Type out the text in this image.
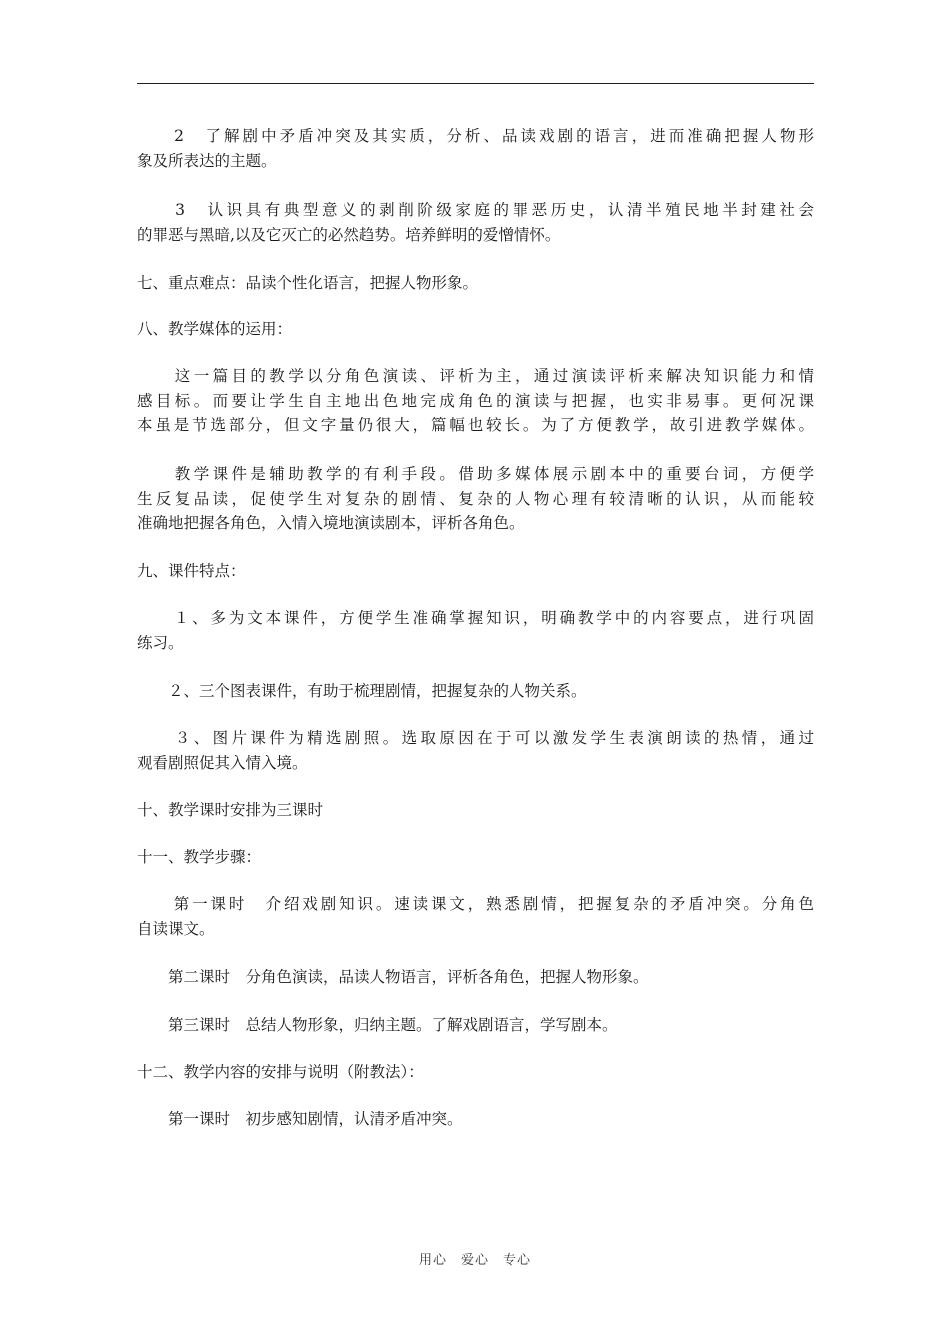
　　2　了解剧中矛盾冲突及其实质，分析、品读戏剧的语言，进而准确把握人物形
象及所表达的主题。
　　3　认识具有典型意义的剥削阶级家庭的罪恶历史，认清半殖民地半封建社会
的罪恶与黑暗,以及它灭亡的必然趋势。培养鲜明的爱憎情怀。
七、重点难点：品读个性化语言，把握人物形象。
八、教学媒体的运用：
　　这一篇目的教学以分角色演读、评析为主，通过演读评析来解决知识能力和情
感目标。而要让学生自主地出色地完成角色的演读与把握，也实非易事。更何况课
本虽是节选部分，但文字量仍很大，篇幅也较长。为了方便教学，故引进教学媒体。
　　教学课件是辅助教学的有利手段。借助多媒体展示剧本中的重要台词，方便学
生反复品读，促使学生对复杂的剧情、复杂的人物心理有较清晰的认识，从而能较
准确地把握各角色，入情入境地演读剧本，评析各角色。
九、课件特点：
　　１、多为文本课件，方便学生准确掌握知识，明确教学中的内容要点，进行巩固
练习。
　　２、三个图表课件，有助于梳理剧情，把握复杂的人物关系。
　　３、图片课件为精选剧照。选取原因在于可以激发学生表演朗读的热情，通过
观看剧照促其入情入境。
十、教学课时安排为三课时
十一、教学步骤：
　　第一课时　介绍戏剧知识。速读课文，熟悉剧情，把握复杂的矛盾冲突。分角色
自读课文。
　　第二课时　分角色演读，品读人物语言，评析各角色，把握人物形象。
　　第三课时　总结人物形象，归纳主题。了解戏剧语言，学写剧本。
十二、教学内容的安排与说明（附教法）：
　　第一课时　初步感知剧情，认清矛盾冲突。
用心　爱心　专心
